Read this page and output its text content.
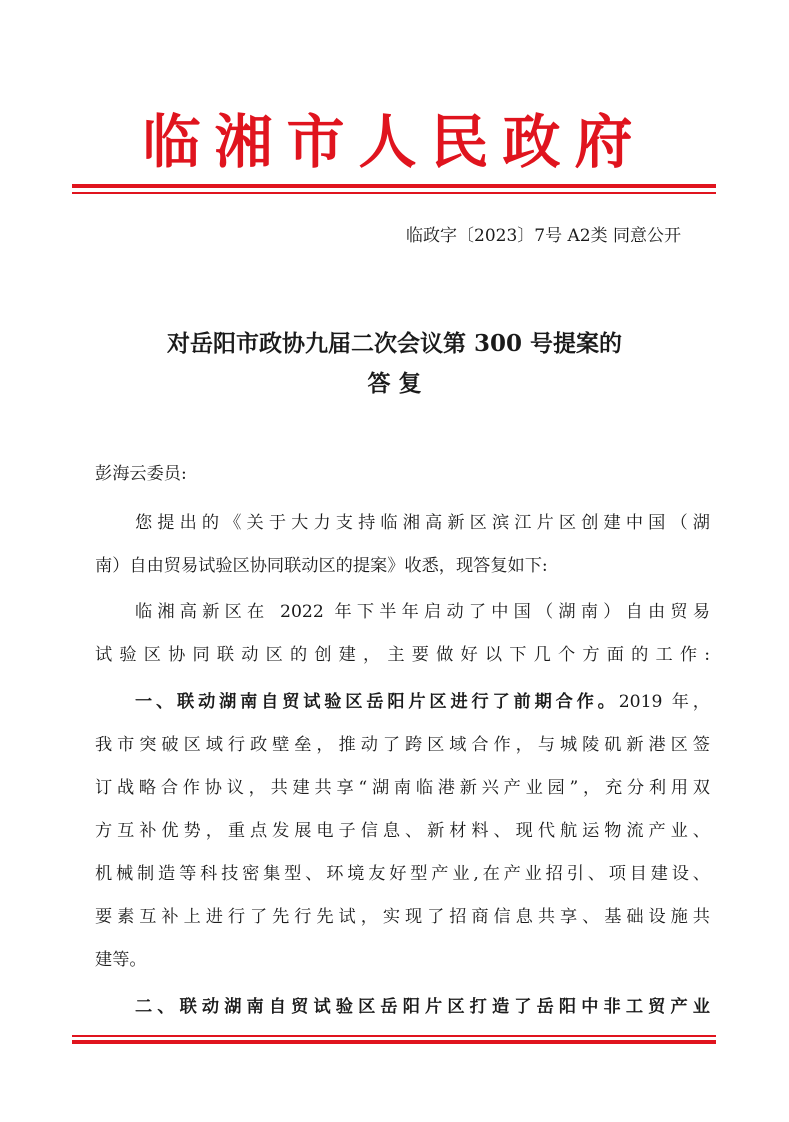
临湘市人民政府
临政字〔2023〕7号 A2类 同意公开
对岳阳市政协九届二次会议第 300 号提案的
答 复
彭海云委员:
您提出的《关于大力支持临湘高新区滨江片区创建中国（湖
南）自由贸易试验区协同联动区的提案》收悉，现答复如下:
临湘高新区在 2022 年下半年启动了中国（湖南）自由贸易
试验区协同联动区的创建，主要做好以下几个方面的工作:
一、联动湖南自贸试验区岳阳片区进行了前期合作。2019 年，
我市突破区域行政壁垒，推动了跨区域合作，与城陵矶新港区签
订战略合作协议，共建共享“湖南临港新兴产业园”，充分利用双
方互补优势，重点发展电子信息、新材料、现代航运物流产业、
机械制造等科技密集型、环境友好型产业,在产业招引、项目建设、
要素互补上进行了先行先试，实现了招商信息共享、基础设施共
建等。
二、联动湖南自贸试验区岳阳片区打造了岳阳中非工贸产业
